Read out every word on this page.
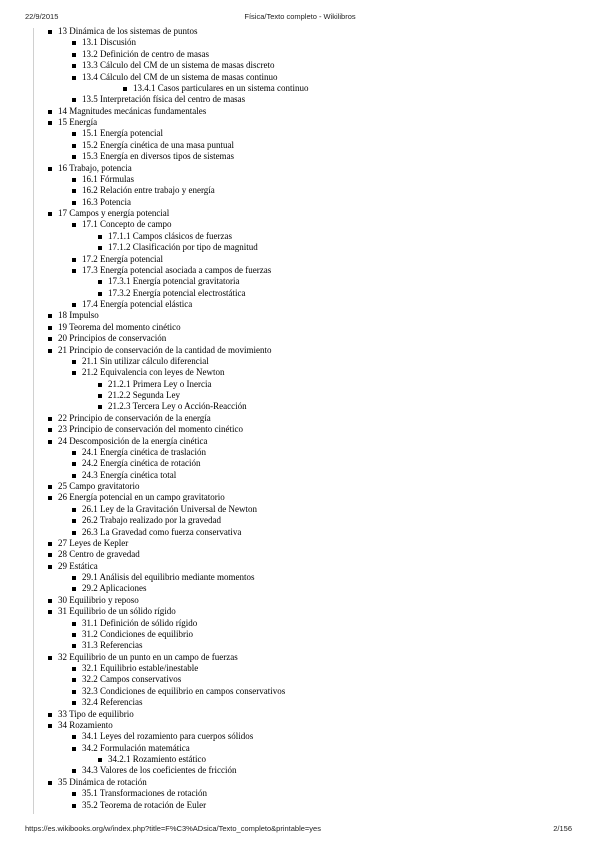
22/9/2015	Física/Texto completo - Wikilibros
13 Dinámica de los sistemas de puntos
13.1 Discusión
13.2 Definición de centro de masas
13.3 Cálculo del CM de un sistema de masas discreto
13.4 Cálculo del CM de un sistema de masas continuo
13.4.1 Casos particulares en un sistema continuo
13.5 Interpretación física del centro de masas
14 Magnitudes mecánicas fundamentales
15 Energía
15.1 Energía potencial
15.2 Energía cinética de una masa puntual
15.3 Energía en diversos tipos de sistemas
16 Trabajo, potencia
16.1 Fórmulas
16.2 Relación entre trabajo y energía
16.3 Potencia
17 Campos y energía potencial
17.1 Concepto de campo
17.1.1 Campos clásicos de fuerzas
17.1.2 Clasificación por tipo de magnitud
17.2 Energía potencial
17.3 Energía potencial asociada a campos de fuerzas
17.3.1 Energía potencial gravitatoria
17.3.2 Energía potencial electrostática
17.4 Energía potencial elástica
18 Impulso
19 Teorema del momento cinético
20 Principios de conservación
21 Principio de conservación de la cantidad de movimiento
21.1 Sin utilizar cálculo diferencial
21.2 Equivalencia con leyes de Newton
21.2.1 Primera Ley o Inercia
21.2.2 Segunda Ley
21.2.3 Tercera Ley o Acción-Reacción
22 Principio de conservación de la energía
23 Principio de conservación del momento cinético
24 Descomposición de la energía cinética
24.1 Energía cinética de traslación
24.2 Energía cinética de rotación
24.3 Energía cinética total
25 Campo gravitatorio
26 Energía potencial en un campo gravitatorio
26.1 Ley de la Gravitación Universal de Newton
26.2 Trabajo realizado por la gravedad
26.3 La Gravedad como fuerza conservativa
27 Leyes de Kepler
28 Centro de gravedad
29 Estática
29.1 Análisis del equilibrio mediante momentos
29.2 Aplicaciones
30 Equilibrio y reposo
31 Equilibrio de un sólido rígido
31.1 Definición de sólido rígido
31.2 Condiciones de equilibrio
31.3 Referencias
32 Equilibrio de un punto en un campo de fuerzas
32.1 Equilibrio estable/inestable
32.2 Campos conservativos
32.3 Condiciones de equilibrio en campos conservativos
32.4 Referencias
33 Tipo de equilibrio
34 Rozamiento
34.1 Leyes del rozamiento para cuerpos sólidos
34.2 Formulación matemática
34.2.1 Rozamiento estático
34.3 Valores de los coeficientes de fricción
35 Dinámica de rotación
35.1 Transformaciones de rotación
35.2 Teorema de rotación de Euler
https://es.wikibooks.org/w/index.php?title=F%C3%ADsica/Texto_completo&printable=yes	2/156
